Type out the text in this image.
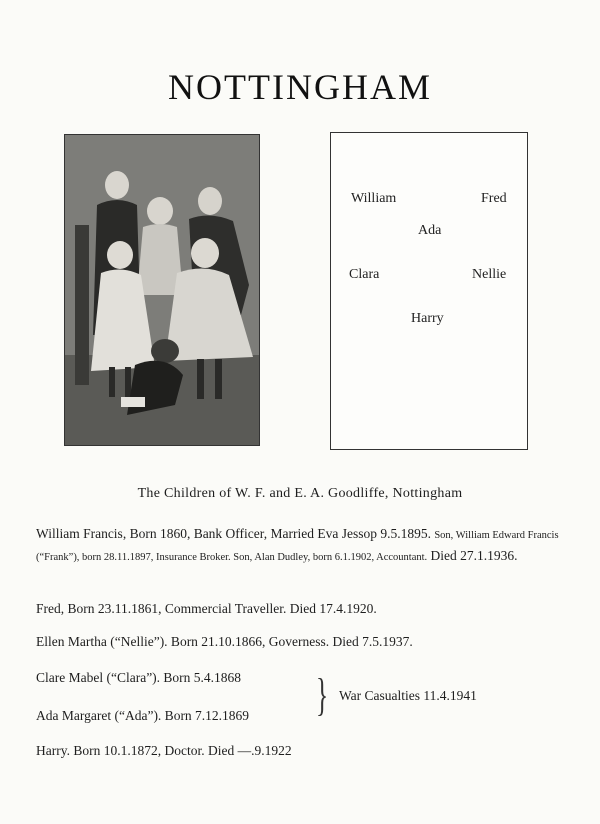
NOTTINGHAM
William	Fred
Ada
Clara	Nellie
Harry
The Children of W. F. and E. A. Goodliffe, Nottingham
William Francis, Born 1860, Bank Officer, Married Eva Jessop 9.5.1895. Son, William Edward Francis (“Frank”), born 28.11.1897, Insurance Broker. Son, Alan Dudley, born 6.1.1902, Accountant. Died 27.1.1936.
Fred, Born 23.11.1861, Commercial Traveller. Died 17.4.1920.
Ellen Martha (“Nellie”). Born 21.10.1866, Governess. Died 7.5.1937.
Clare Mabel (“Clara”). Born 5.4.1868
Ada Margaret (“Ada”). Born 7.12.1869	} War Casualties 11.4.1941
Harry. Born 10.1.1872, Doctor. Died —.9.1922
